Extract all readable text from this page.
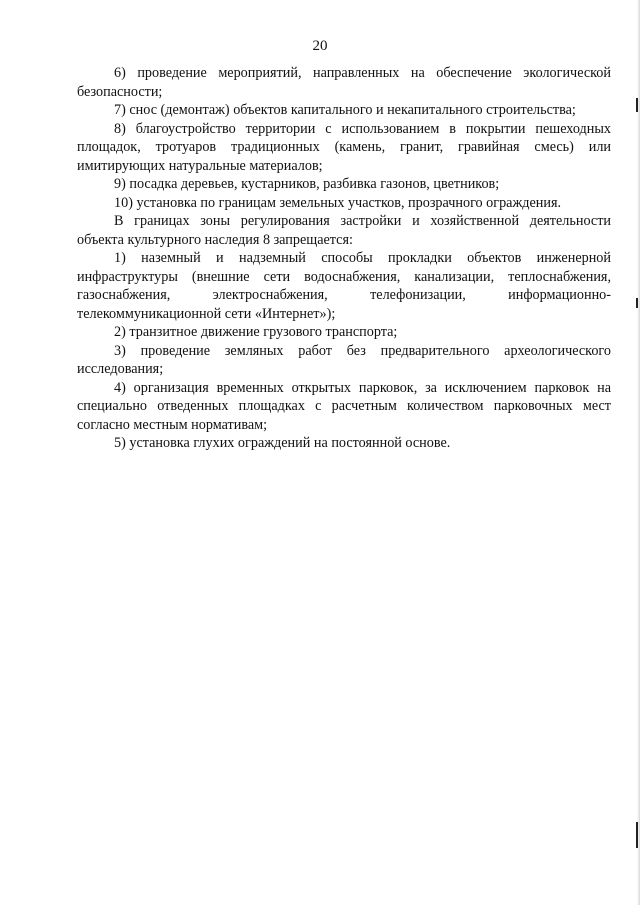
20

6) проведение мероприятий, направленных на обеспечение экологической безопасности;

7) снос (демонтаж) объектов капитального и некапитального строительства;

8) благоустройство территории с использованием в покрытии пешеходных площадок, тротуаров традиционных (камень, гранит, гравийная смесь) или имитирующих натуральные материалов;

9) посадка деревьев, кустарников, разбивка газонов, цветников;

10) установка по границам земельных участков, прозрачного ограждения.

В границах зоны регулирования застройки и хозяйственной деятельности объекта культурного наследия 8 запрещается:

1) наземный и надземный способы прокладки объектов инженерной инфраструктуры (внешние сети водоснабжения, канализации, теплоснабжения, газоснабжения, электроснабжения, телефонизации, информационно-телекоммуникационной сети «Интернет»);

2) транзитное движение грузового транспорта;

3) проведение земляных работ без предварительного археологического исследования;

4) организация временных открытых парковок, за исключением парковок на специально отведенных площадках с расчетным количеством парковочных мест согласно местным нормативам;

5) установка глухих ограждений на постоянной основе.
